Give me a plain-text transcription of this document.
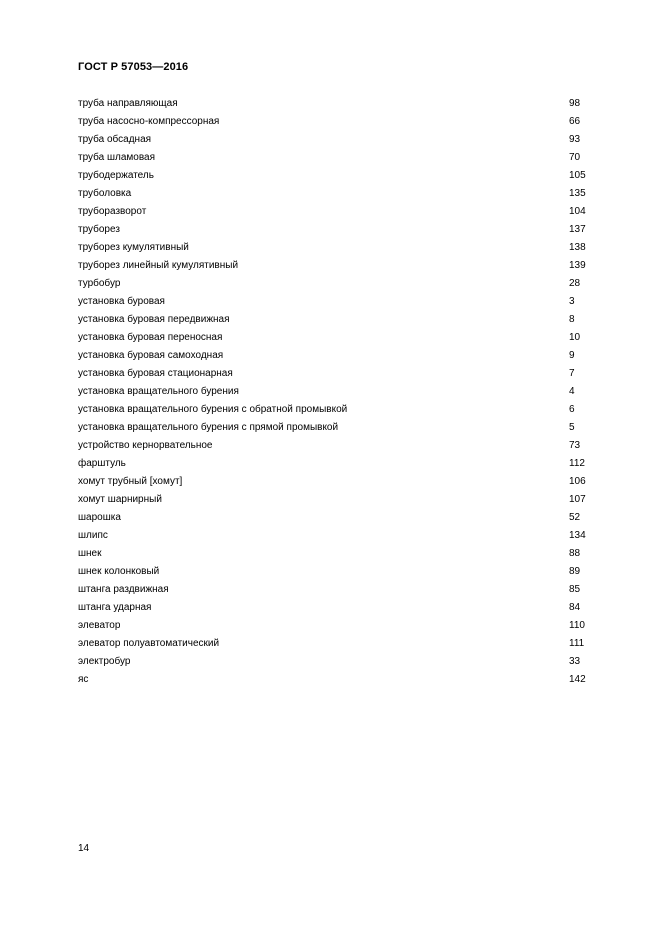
ГОСТ Р 57053—2016
труба направляющая	98
труба насосно-компрессорная	66
труба обсадная	93
труба шламовая	70
трубодержатель	105
труболовка	135
труборазворот	104
труборез	137
труборез кумулятивный	138
труборез линейный кумулятивный	139
турбобур	28
установка буровая	3
установка буровая передвижная	8
установка буровая переносная	10
установка буровая самоходная	9
установка буровая стационарная	7
установка вращательного бурения	4
установка вращательного бурения с обратной промывкой	6
установка вращательного бурения с прямой промывкой	5
устройство кернорвательное	73
фарштуль	112
хомут трубный [хомут]	106
хомут шарнирный	107
шарошка	52
шлипс	134
шнек	88
шнек колонковый	89
штанга раздвижная	85
штанга ударная	84
элеватор	110
элеватор полуавтоматический	111
электробур	33
яс	142
14
